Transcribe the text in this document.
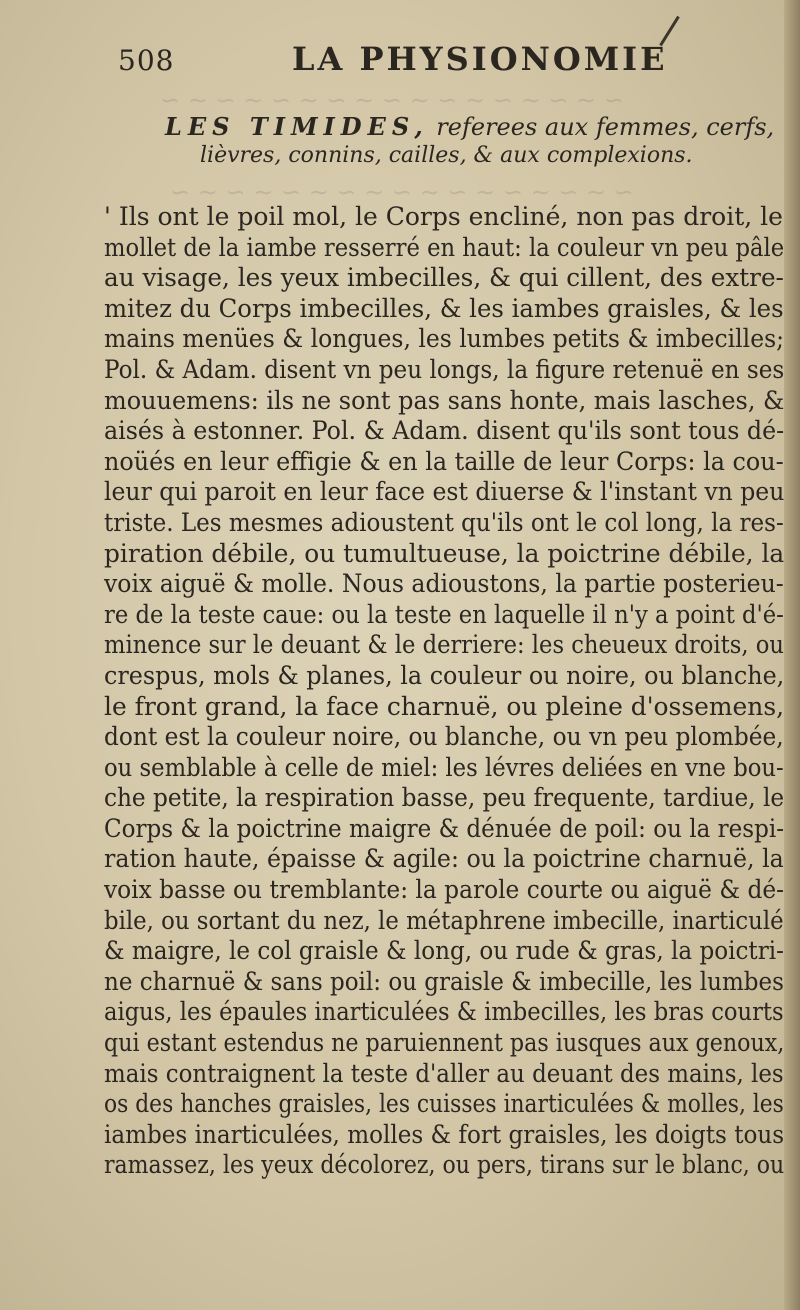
∼ ∽ ∼ ∽ ∼ ∽ ∼ ∽ ∼ ∽ ∼ ∽ ∼ ∽ ∼ ∽ ∼
∼ ∽ ∼ ∽ ∼ ∽ ∼ ∽ ∼ ∽ ∼ ∽ ∼ ∽ ∼ ∽ ∼
508	LA PHYSIONOMIE
LES TIMIDES, referees aux femmes, cerfs,
lièvres, connins, cailles, & aux complexions.
' Ils ont le poil mol, le Corps encliné, non pas droit, le
mollet de la iambe resserré en haut: la couleur vn peu pâle
au visage, les yeux imbecilles, & qui cillent, des extre-
mitez du Corps imbecilles, & les iambes graisles, & les
mains menües & longues, les lumbes petits & imbecilles;
Pol. & Adam. disent vn peu longs, la figure retenuë en ses
mouuemens: ils ne sont pas sans honte, mais lasches, &
aisés à estonner. Pol. & Adam. disent qu'ils sont tous dé-
noüés en leur effigie & en la taille de leur Corps: la cou-
leur qui paroit en leur face est diuerse & l'instant vn peu
triste. Les mesmes adioustent qu'ils ont le col long, la res-
piration débile, ou tumultueuse, la poictrine débile, la
voix aiguë & molle. Nous adioustons, la partie posterieu-
re de la teste caue: ou la teste en laquelle il n'y a point d'é-
minence sur le deuant & le derriere: les cheueux droits, ou
crespus, mols & planes, la couleur ou noire, ou blanche,
le front grand, la face charnuë, ou pleine d'ossemens,
dont est la couleur noire, ou blanche, ou vn peu plombée,
ou semblable à celle de miel: les lévres deliées en vne bou-
che petite, la respiration basse, peu frequente, tardiue, le
Corps & la poictrine maigre & dénuée de poil: ou la respi-
ration haute, épaisse & agile: ou la poictrine charnuë, la
voix basse ou tremblante: la parole courte ou aiguë & dé-
bile, ou sortant du nez, le métaphrene imbecille, inarticulé
& maigre, le col graisle & long, ou rude & gras, la poictri-
ne charnuë & sans poil: ou graisle & imbecille, les lumbes
aigus, les épaules inarticulées & imbecilles, les bras courts
qui estant estendus ne paruiennent pas iusques aux genoux,
mais contraignent la teste d'aller au deuant des mains, les
os des hanches graisles, les cuisses inarticulées & molles, les
iambes inarticulées, molles & fort graisles, les doigts tous
ramassez, les yeux décolorez, ou pers, tirans sur le blanc, ou
